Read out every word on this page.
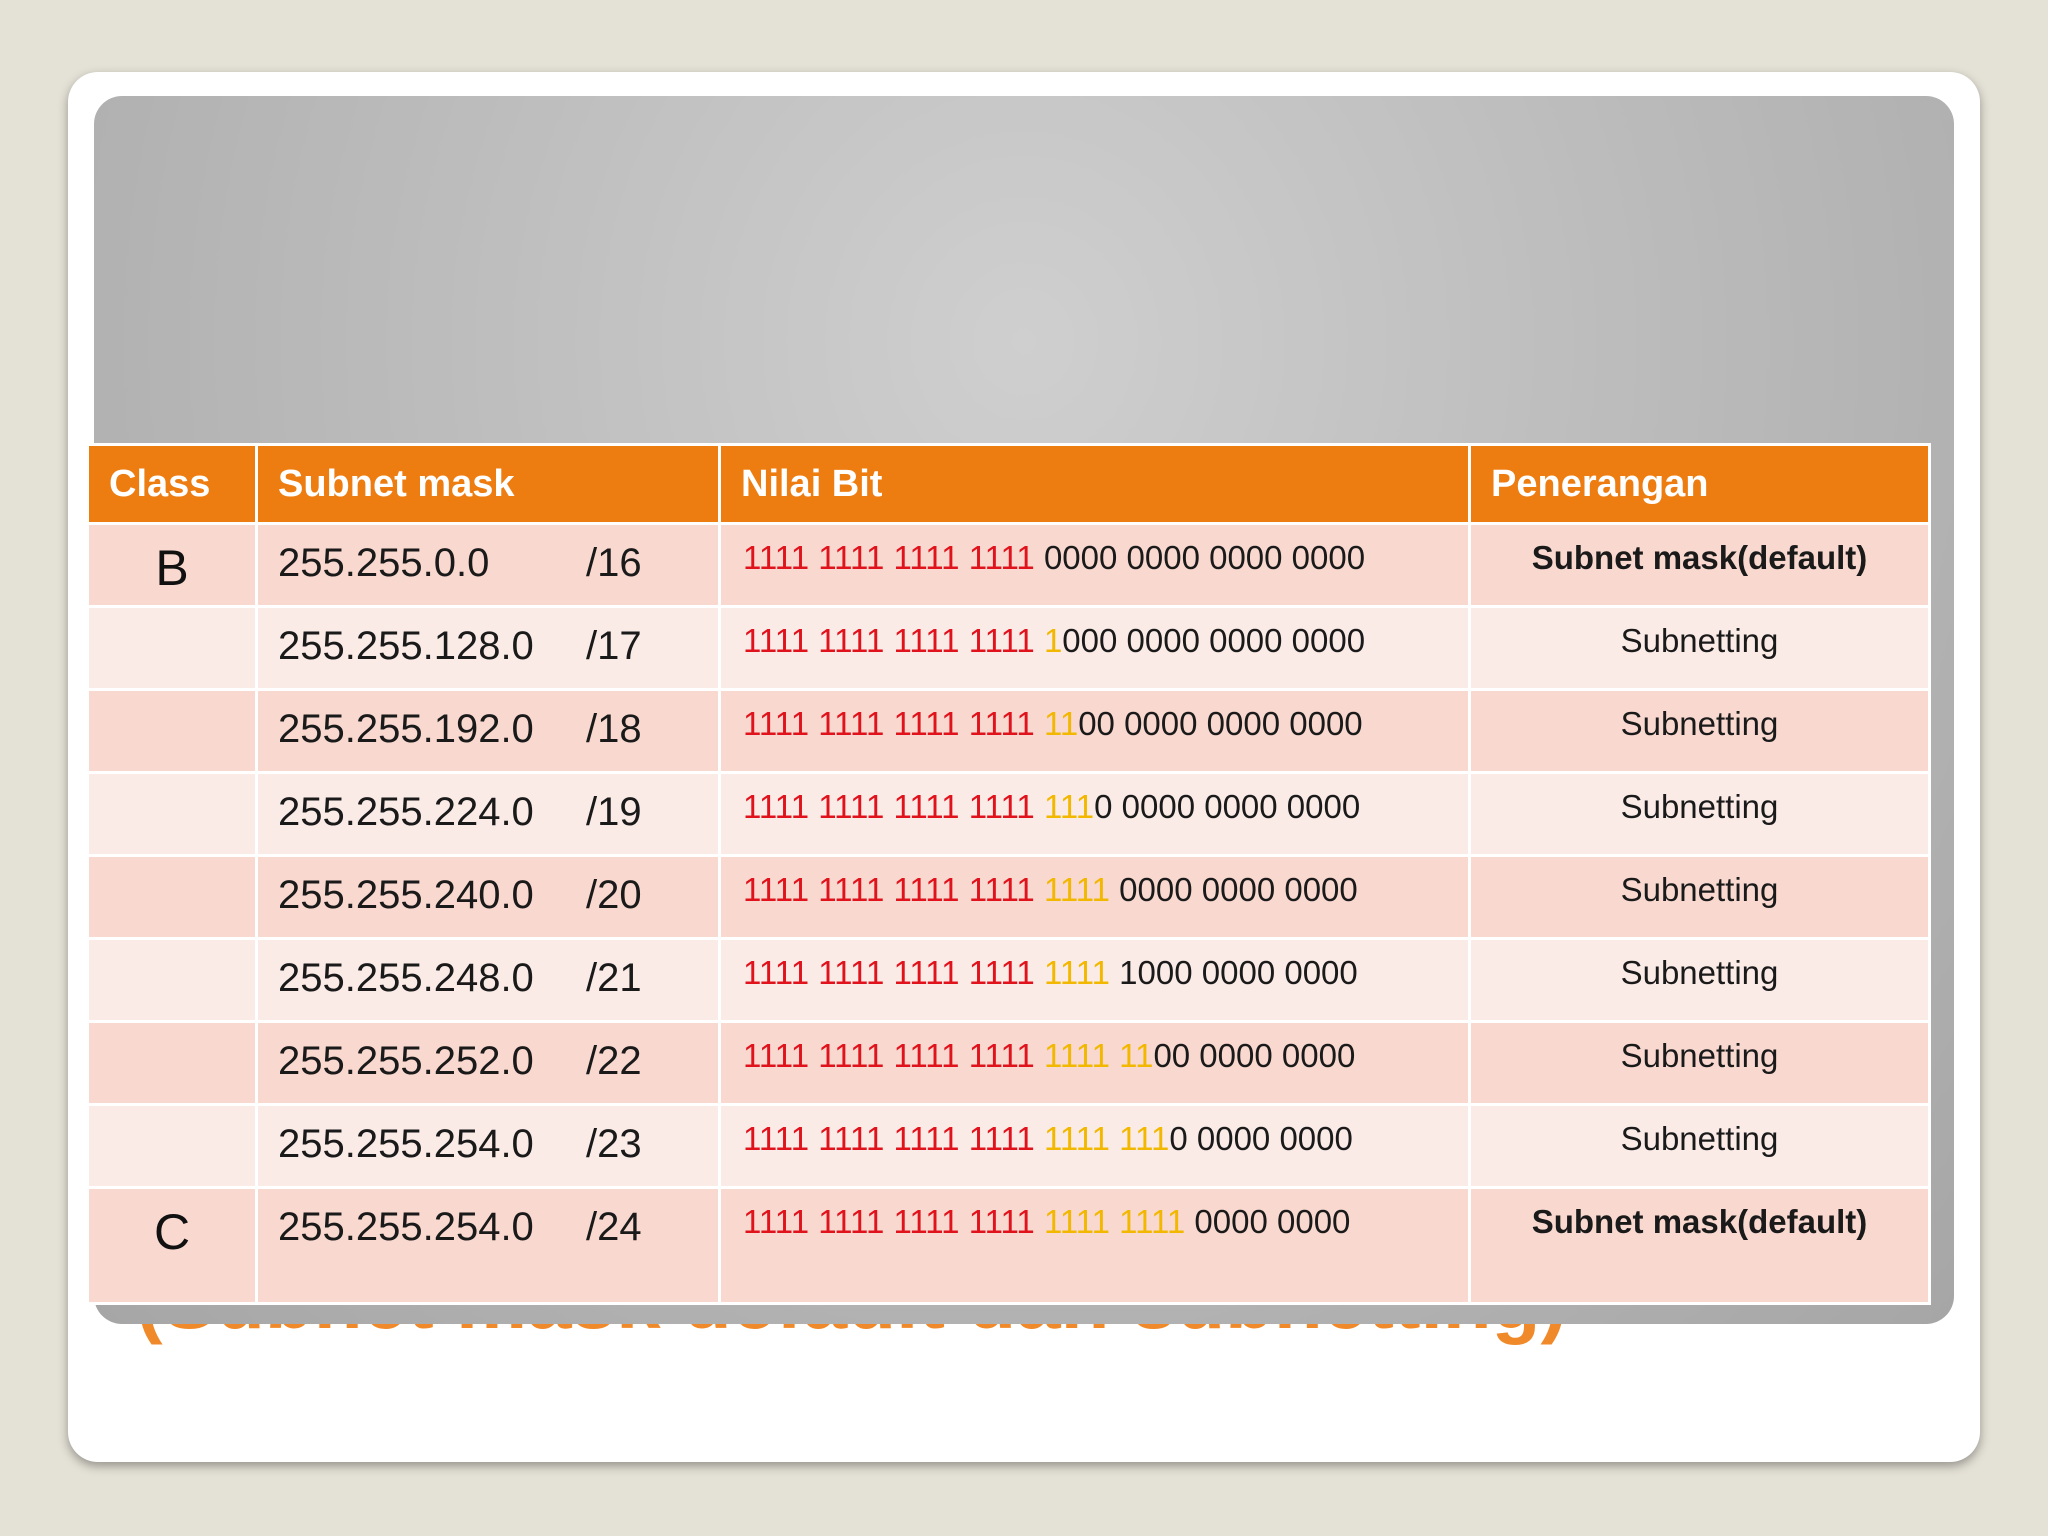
Class	Subnet mask	Nilai Bit	Penerangan
B	255.255.0.0 /16	1111 1111 1111 1111 0000 0000 0000 0000	Subnet mask(default)
	255.255.128.0 /17	1111 1111 1111 1111 1000 0000 0000 0000	Subnetting
	255.255.192.0 /18	1111 1111 1111 1111 1100 0000 0000 0000	Subnetting
	255.255.224.0 /19	1111 1111 1111 1111 1110 0000 0000 0000	Subnetting
	255.255.240.0 /20	1111 1111 1111 1111 1111 0000 0000 0000	Subnetting
	255.255.248.0 /21	1111 1111 1111 1111 1111 1000 0000 0000	Subnetting
	255.255.252.0 /22	1111 1111 1111 1111 1111 1100 0000 0000	Subnetting
	255.255.254.0 /23	1111 1111 1111 1111 1111 1110 0000 0000	Subnetting
C	255.255.254.0 /24	1111 1111 1111 1111 1111 1111 0000 0000	Subnet mask(default)
